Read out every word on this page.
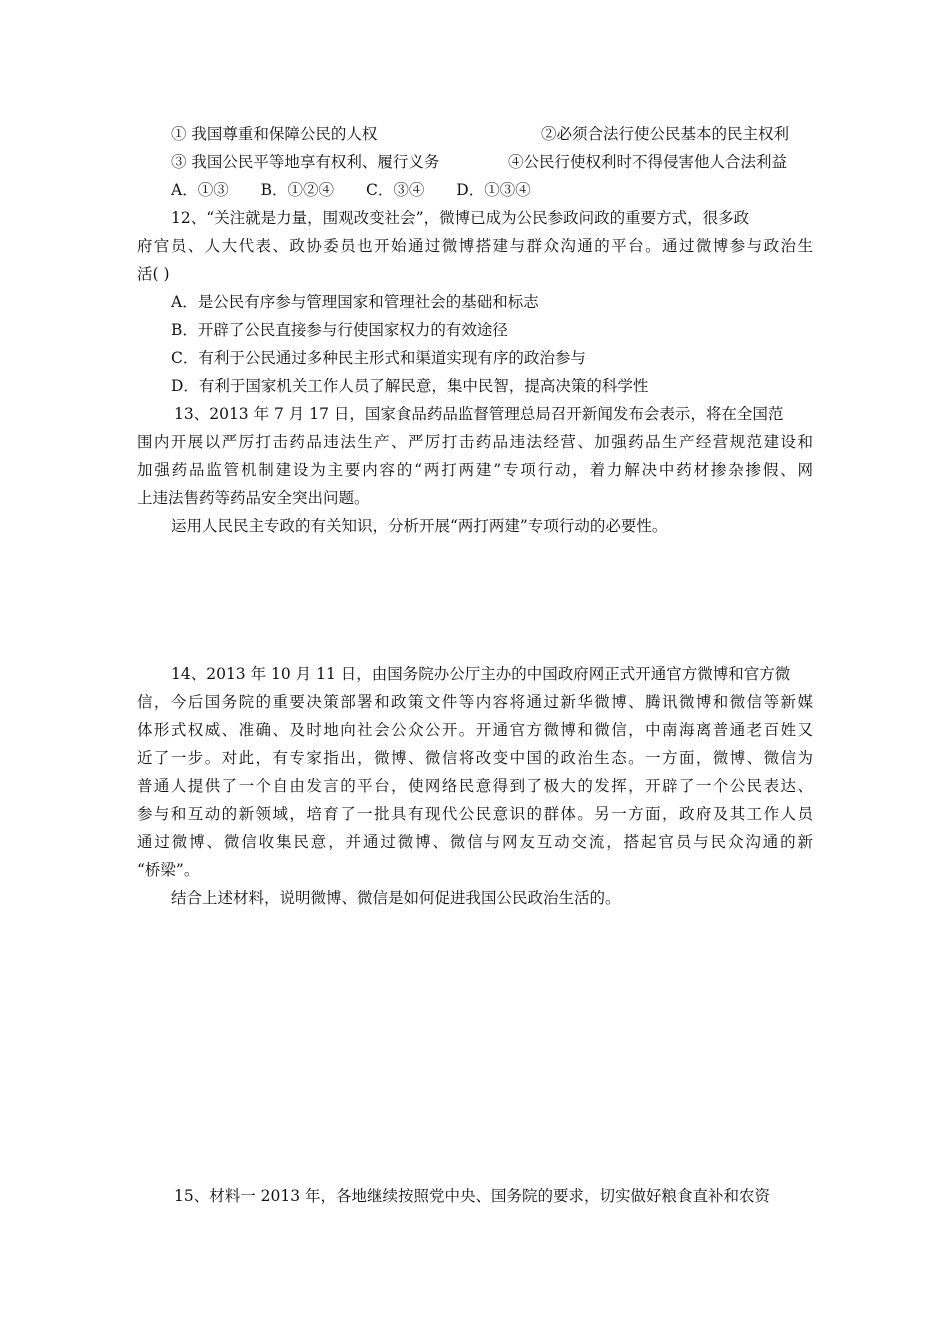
① 我国尊重和保障公民的人权	②必须合法行使公民基本的民主权利
③ 我国公民平等地享有权利、履行义务	④公民行使权利时不得侵害他人合法利益
A．①③ B．①②④ C．③④ D．①③④
12、“关注就是力量，围观改变社会”，微博已成为公民参政问政的重要方式，很多政
府官员、人大代表、政协委员也开始通过微博搭建与群众沟通的平台。通过微博参与政治生
活( )
A．是公民有序参与管理国家和管理社会的基础和标志
B．开辟了公民直接参与行使国家权力的有效途径
C．有利于公民通过多种民主形式和渠道实现有序的政治参与
D．有利于国家机关工作人员了解民意，集中民智，提高决策的科学性
13、2013 年 7 月 17 日，国家食品药品监督管理总局召开新闻发布会表示，将在全国范
围内开展以严厉打击药品违法生产、严厉打击药品违法经营、加强药品生产经营规范建设和
加强药品监管机制建设为主要内容的“两打两建”专项行动，着力解决中药材掺杂掺假、网
上违法售药等药品安全突出问题。
运用人民民主专政的有关知识，分析开展“两打两建”专项行动的必要性。
14、2013 年 10 月 11 日，由国务院办公厅主办的中国政府网正式开通官方微博和官方微
信，今后国务院的重要决策部署和政策文件等内容将通过新华微博、腾讯微博和微信等新媒
体形式权威、准确、及时地向社会公众公开。开通官方微博和微信，中南海离普通老百姓又
近了一步。对此，有专家指出，微博、微信将改变中国的政治生态。一方面，微博、微信为
普通人提供了一个自由发言的平台，使网络民意得到了极大的发挥，开辟了一个公民表达、
参与和互动的新领域，培育了一批具有现代公民意识的群体。另一方面，政府及其工作人员
通过微博、微信收集民意，并通过微博、微信与网友互动交流，搭起官员与民众沟通的新
“桥梁”。
结合上述材料，说明微博、微信是如何促进我国公民政治生活的。
15、材料一 2013 年，各地继续按照党中央、国务院的要求，切实做好粮食直补和农资
